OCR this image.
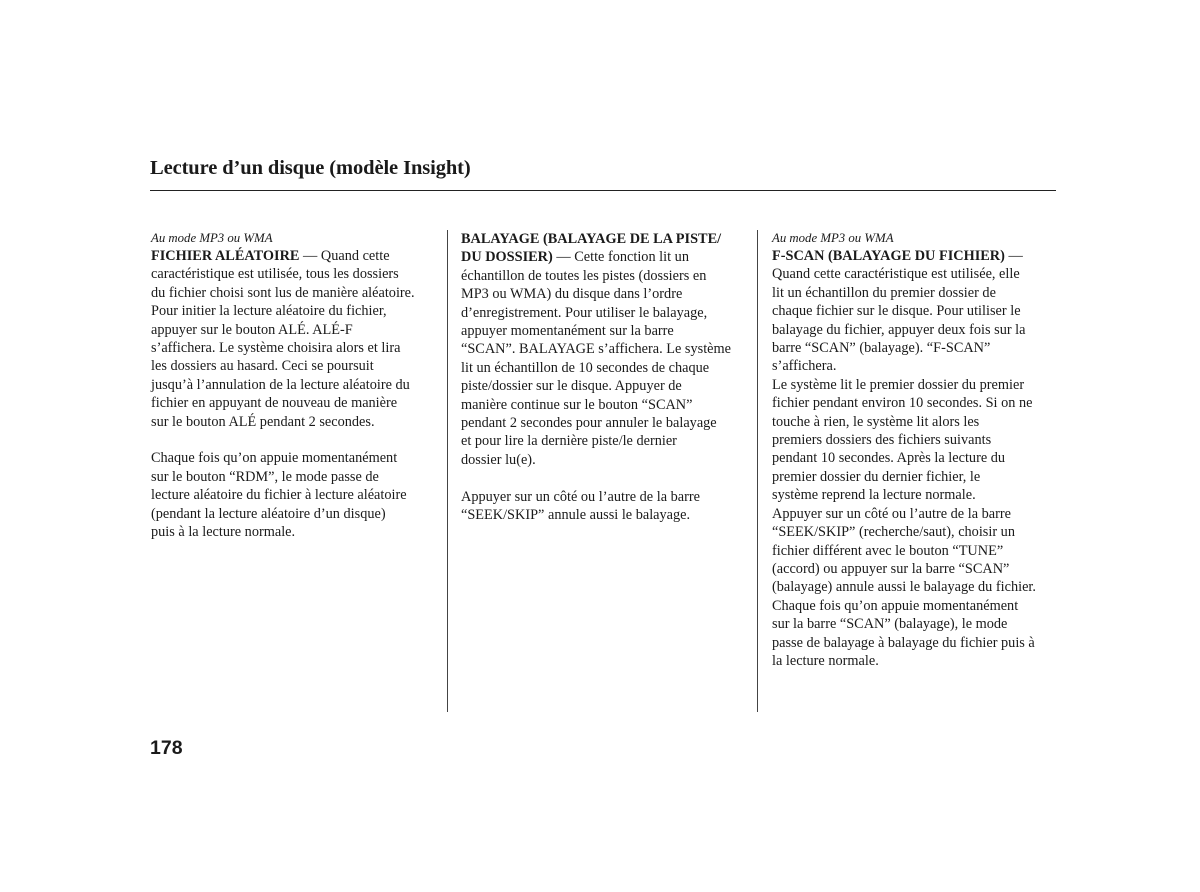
Lecture d’un disque (modèle Insight)

Au mode MP3 ou WMA

FICHIER ALÉATOIRE — Quand cette

caractéristique est utilisée, tous les dossiers

du fichier choisi sont lus de manière aléatoire.

Pour initier la lecture aléatoire du fichier,

appuyer sur le bouton ALÉ. ALÉ-F

s’affichera. Le système choisira alors et lira

les dossiers au hasard. Ceci se poursuit

jusqu’à l’annulation de la lecture aléatoire du

fichier en appuyant de nouveau de manière

sur le bouton ALÉ pendant 2 secondes.

Chaque fois qu’on appuie momentanément

sur le bouton “RDM”, le mode passe de

lecture aléatoire du fichier à lecture aléatoire

(pendant la lecture aléatoire d’un disque)

puis à la lecture normale.

BALAYAGE (BALAYAGE DE LA PISTE/

DU DOSSIER) — Cette fonction lit un

échantillon de toutes les pistes (dossiers en

MP3 ou WMA) du disque dans l’ordre

d’enregistrement. Pour utiliser le balayage,

appuyer momentanément sur la barre

“SCAN”. BALAYAGE s’affichera. Le système

lit un échantillon de 10 secondes de chaque

piste/dossier sur le disque. Appuyer de

manière continue sur le bouton “SCAN”

pendant 2 secondes pour annuler le balayage

et pour lire la dernière piste/le dernier

dossier lu(e).

Appuyer sur un côté ou l’autre de la barre

“SEEK/SKIP” annule aussi le balayage.

Au mode MP3 ou WMA

F-SCAN (BALAYAGE DU FICHIER) —

Quand cette caractéristique est utilisée, elle

lit un échantillon du premier dossier de

chaque fichier sur le disque. Pour utiliser le

balayage du fichier, appuyer deux fois sur la

barre “SCAN” (balayage). “F-SCAN”

s’affichera.

Le système lit le premier dossier du premier

fichier pendant environ 10 secondes. Si on ne

touche à rien, le système lit alors les

premiers dossiers des fichiers suivants

pendant 10 secondes. Après la lecture du

premier dossier du dernier fichier, le

système reprend la lecture normale.

Appuyer sur un côté ou l’autre de la barre

“SEEK/SKIP” (recherche/saut), choisir un

fichier différent avec le bouton “TUNE”

(accord) ou appuyer sur la barre “SCAN”

(balayage) annule aussi le balayage du fichier.

Chaque fois qu’on appuie momentanément

sur la barre “SCAN” (balayage), le mode

passe de balayage à balayage du fichier puis à

la lecture normale.

178
